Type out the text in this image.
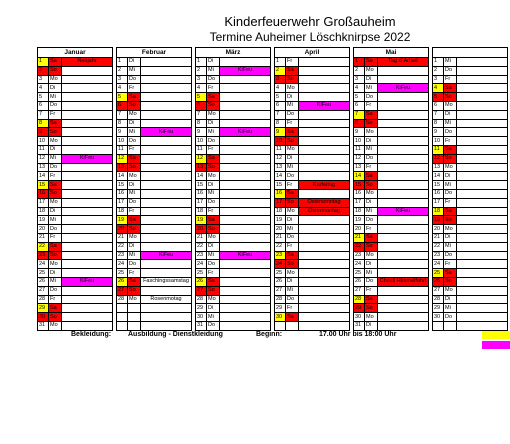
Kinderfeuerwehr Großauheim
Termine Auheimer Löschknirpse 2022
Januar				Februar				März				April				Mai						
1	Sa	Neujahr		1	Di			1	Di			1	Fr			1	So	Tag d`Arbeit		1	Mi	
2	So			2	Mi			2	Mi	KiFeu		2	Sa			2	Mo			2	Do	
3	Mo			3	Do			3	Do			3	So			3	Di			3	Fr	
4	Di			4	Fr			4	Fr			4	Mo			4	Mi	KiFeu		4	Sa	
5	Mi			5	Sa			5	Sa			5	Di			5	Do			5	So	
6	Do			6	So			6	So			6	Mi	KiFeu		6	Fr			6	Mo	
7	Fr			7	Mo			7	Mo			7	Do			7	Sa			7	Di	
8	Sa			8	Di			8	Di			8	Fr			8	So			8	Mi	
9	So			9	Mi	KiFeu		9	Mi	KiFeu		9	Sa			9	Mo			9	Do	
10	Mo			10	Do			10	Do			10	So			10	Di			10	Fr	
11	Di			11	Fr			11	Fr			11	Mo			11	Mi			11	Sa	
12	Mi	KiFeu		12	Sa			12	Sa			12	Di			12	Do			12	So	
13	Do			13	So			13	So			13	Mi			13	Fr			13	Mo	
14	Fr			14	Mo			14	Mo			14	Do			14	Sa			14	Di	
15	Sa			15	Di			15	Di			15	Fr	Karfeitag		15	So			15	Mi	
16	So			16	Mi			16	Mi			16	Sa			16	Mo			16	Do	
17	Mo			17	Do			17	Do			17	So	Ostersonntag		17	Di			17	Fr	
18	Di			18	Fr			18	Fr			18	Mo	Ostermontag		18	Mi	KiFeu		18	Sa	
19	Mi			19	Sa			19	Sa			19	Di			19	Do			19	So	
20	Do			20	So			20	So			20	Mi			20	Fr			20	Mo	
21	Fr			21	Mo			21	Mo			21	Do			21	Sa			21	Di	
22	Sa			22	Di			22	Di			22	Fr			22	So			22	Mi	
23	So			23	Mi	KiFeu		23	Mi	KiFeu		23	Sa			23	Mo			23	Do	
24	Mo			24	Do			24	Do			24	So			24	Di			24	Fr	
25	Di			25	Fr			25	Fr			25	Mo			25	Mi			25	Sa	
26	Mi	KiFeu		26	Sa	Faschingssamstag		26	Sa			26	Di			26	Do	Christi Himmelfahrt		26	So	
27	Do			27	So			27	So			27	Mi			27	Fr			27	Mo	
28	Fr			28	Mo	Rosenmotag		28	Mo			28	Do			28	Sa			28	Di	
29	Sa							29	Di			29	Fr			29	So			29	Mi	
30	So							30	Mi			30	Sa			30	Mo			30	Do	
31	Mo							31	Do							31	Di					
Bekleidung: Ausbildung - Dienstkleidung	Beginn:	17.00 Uhr bis 18:00 Uhr
